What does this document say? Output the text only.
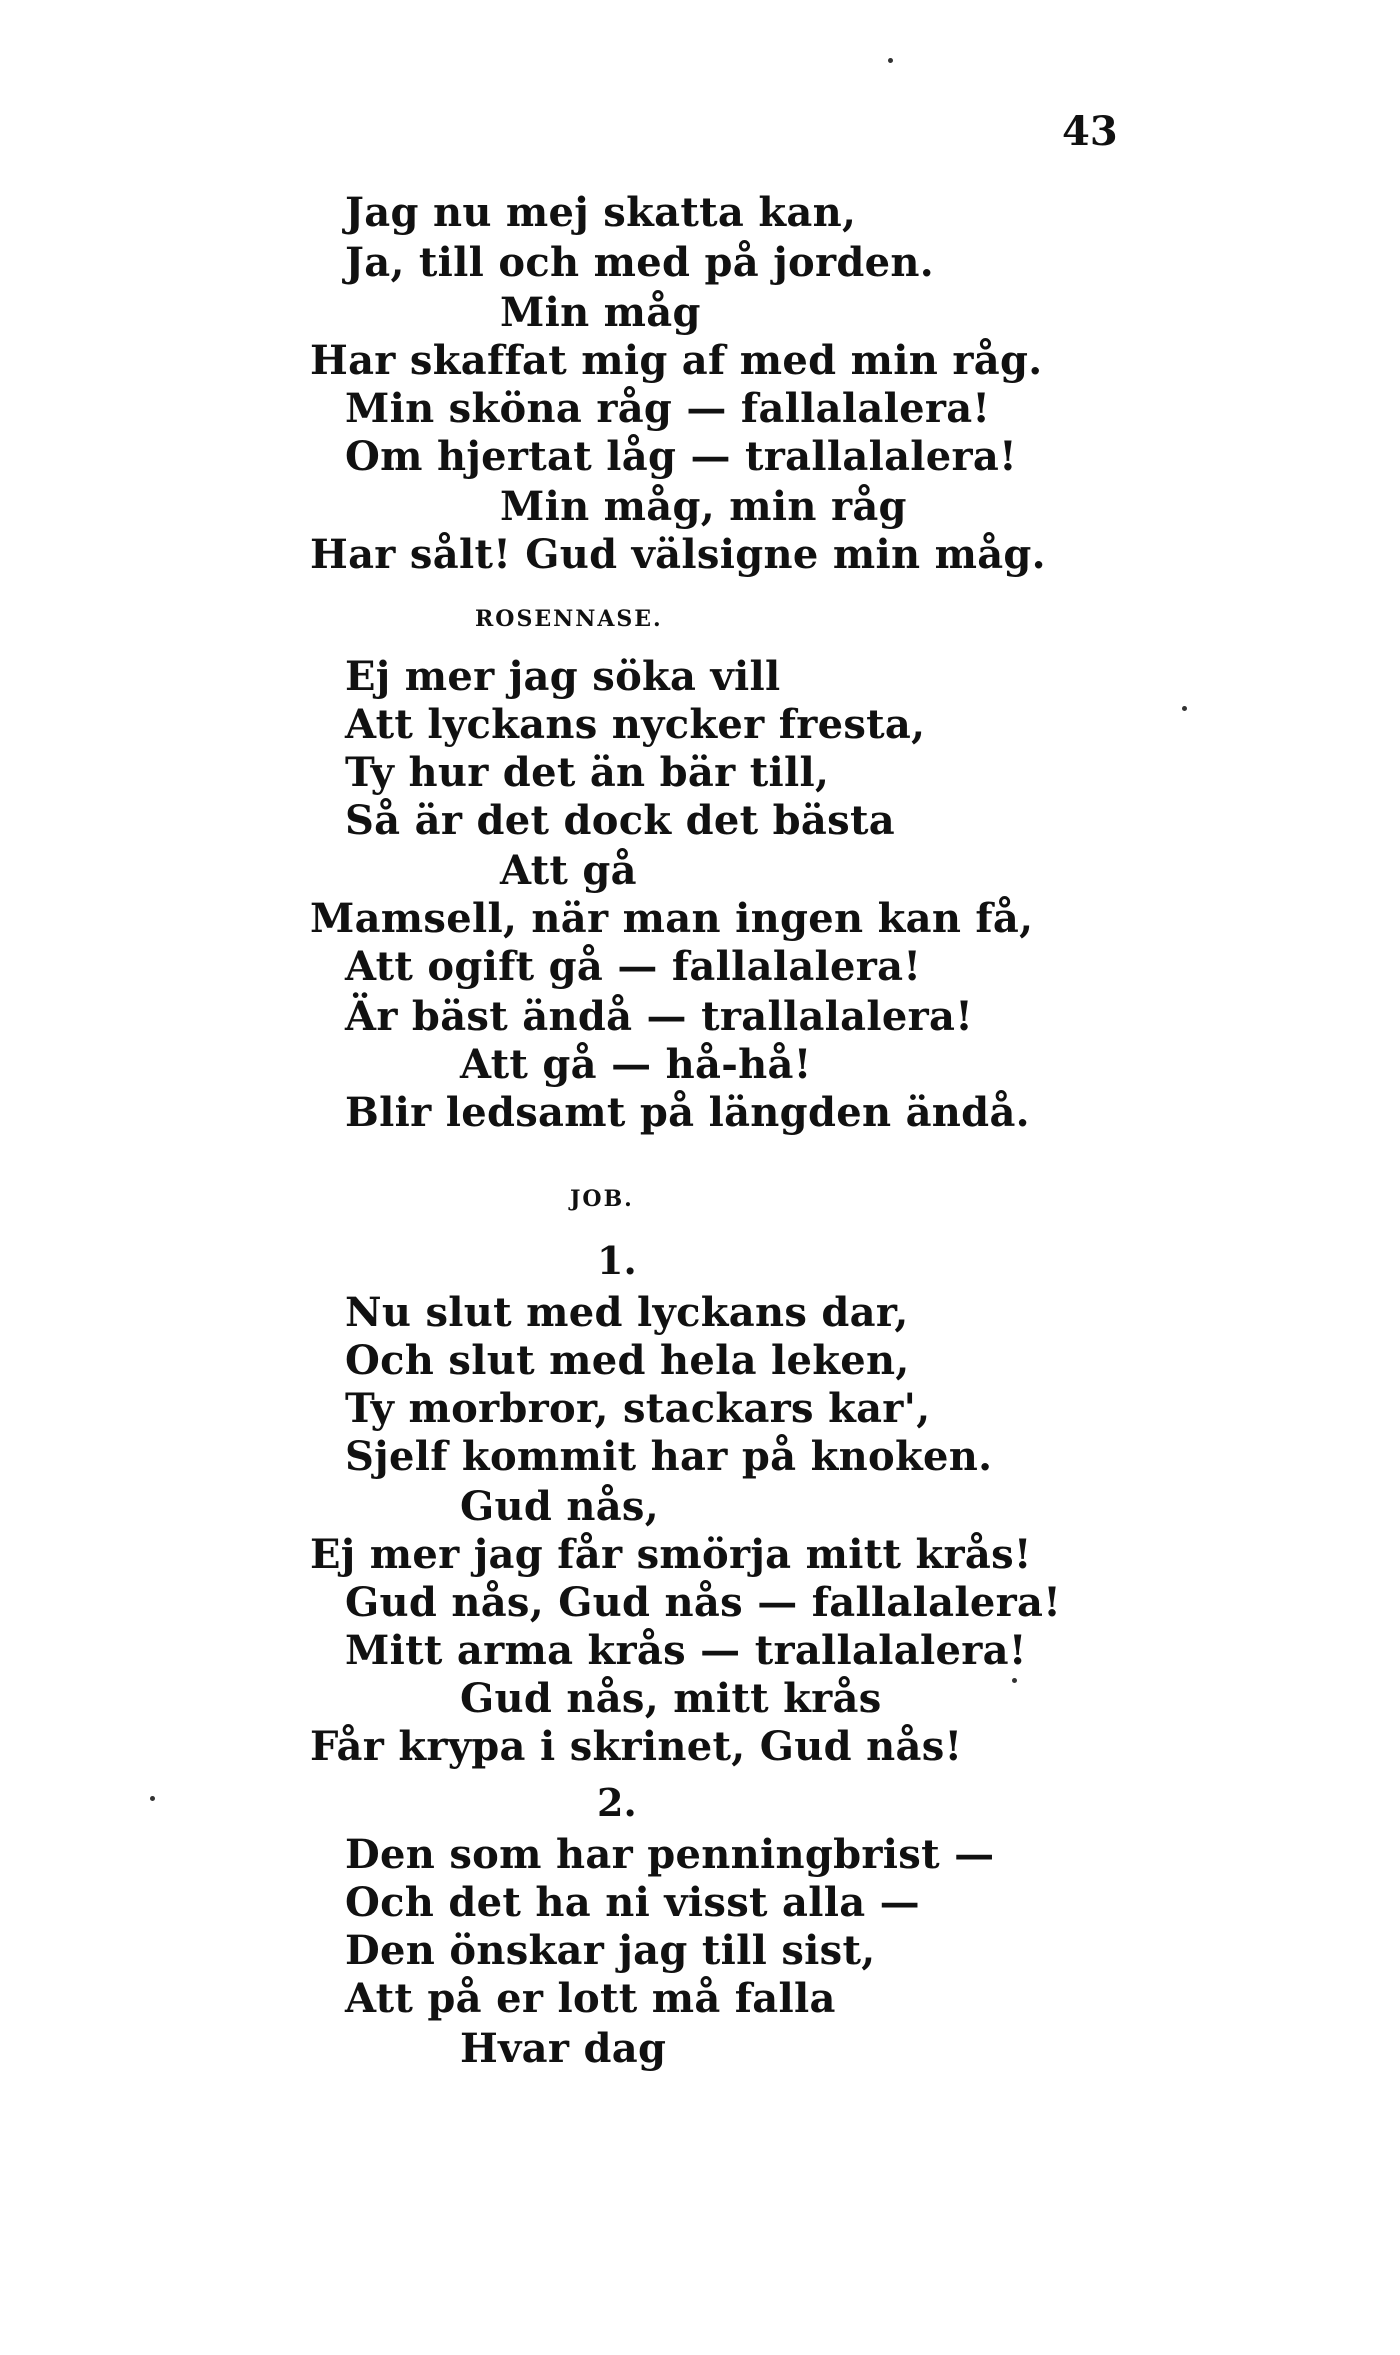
43
Jag nu mej skatta kan,
Ja, till och med på jorden.
Min måg
Har skaffat mig af med min råg.
Min sköna råg — fallalalera!
Om hjertat låg — trallalalera!
Min måg, min råg
Har sålt! Gud välsigne min måg.
ROSENNASE.
Ej mer jag söka vill
Att lyckans nycker fresta,
Ty hur det än bär till,
Så är det dock det bästa
Att gå
Mamsell, när man ingen kan få,
Att ogift gå — fallalalera!
Är bäst ändå — trallalalera!
Att gå — hå-hå!
Blir ledsamt på längden ändå.
JOB.
1.
Nu slut med lyckans dar,
Och slut med hela leken,
Ty morbror, stackars kar',
Sjelf kommit har på knoken.
Gud nås,
Ej mer jag får smörja mitt krås!
Gud nås, Gud nås — fallalalera!
Mitt arma krås — trallalalera!
Gud nås, mitt krås
Får krypa i skrinet, Gud nås!
2.
Den som har penningbrist —
Och det ha ni visst alla —
Den önskar jag till sist,
Att på er lott må falla
Hvar dag
